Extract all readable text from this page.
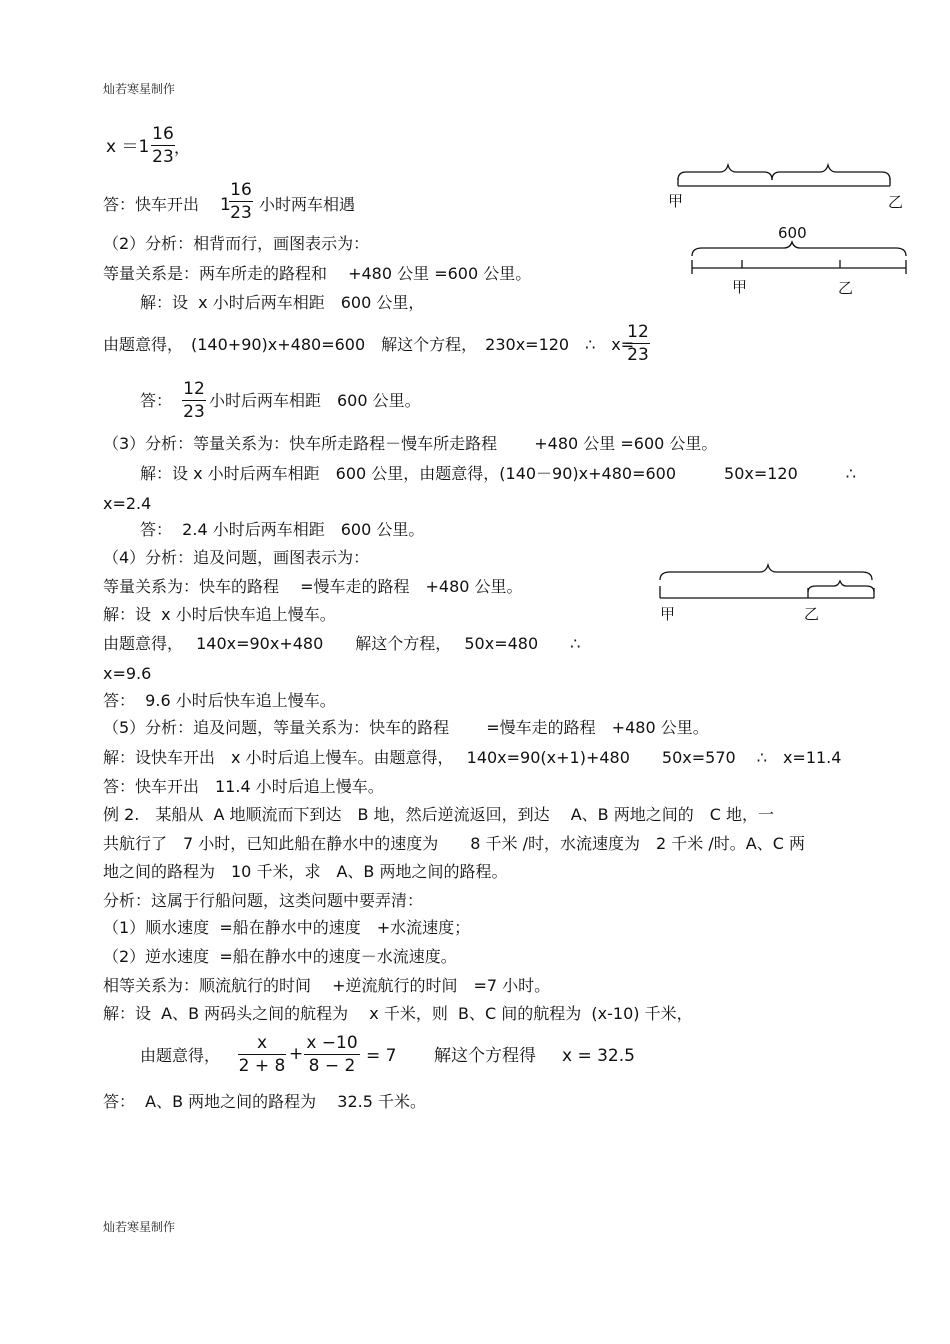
灿若寒星制作
灿若寒星制作
x ＝1
16
23 ，
答：快车开出 1
16
23 小时两车相遇
（2）分析：相背而行，画图表示为：
等量关系是：两车所走的路程和　 +480 公里 =600 公里。
解：设  x 小时后两车相距　600 公里，
由题意得，　(140+90)x+480=600　解这个方程，　230x=120　∴　x=
12
23
答：
12
23
小时后两车相距　600 公里。
（3）分析：等量关系为：快车所走路程－慢车所走路程　　 +480 公里 =600 公里。
解：设 x 小时后两车相距　600 公里，由题意得，(140－90)x+480=600　　　50x=120　　　∴
x=2.4
答：  2.4 小时后两车相距　600 公里。
（4）分析：追及问题，画图表示为：
等量关系为：快车的路程　 =慢车走的路程　+480 公里。
解：设  x 小时后快车追上慢车。
由题意得，　 140x=90x+480　　解这个方程，　 50x=480　　∴
x=9.6
答：  9.6 小时后快车追上慢车。
（5）分析：追及问题，等量关系为：快车的路程　　 =慢车走的路程　+480 公里。
解：设快车开出　x 小时后追上慢车。由题意得，　 140x=90(x+1)+480　　50x=570　 ∴　x=11.4
答：快车开出　11.4 小时后追上慢车。
例 2.　某船从  A 地顺流而下到达　B 地，然后逆流返回，到达　 A、B 两地之间的　C 地，一
共航行了　7 小时，已知此船在静水中的速度为　　8 千米 /时，水流速度为　2 千米 /时。A、C 两
地之间的路程为　10 千米，求　A、B 两地之间的路程。
分析：这属于行船问题，这类问题中要弄清：
（1）顺水速度  =船在静水中的速度　+水流速度；
（2）逆水速度  =船在静水中的速度－水流速度。
相等关系为：顺流航行的时间　 +逆流航行的时间　=7 小时。
解：设  A、B 两码头之间的航程为　 x 千米，则  B、C 间的航程为  (x-10) 千米，
由题意得，
x
2 + 8
+
x −10
8 − 2 = 7 解这个方程得 x = 32.5
答：  A、B 两地之间的路程为　 32.5 千米。
甲	乙
600
甲	乙
甲	乙
